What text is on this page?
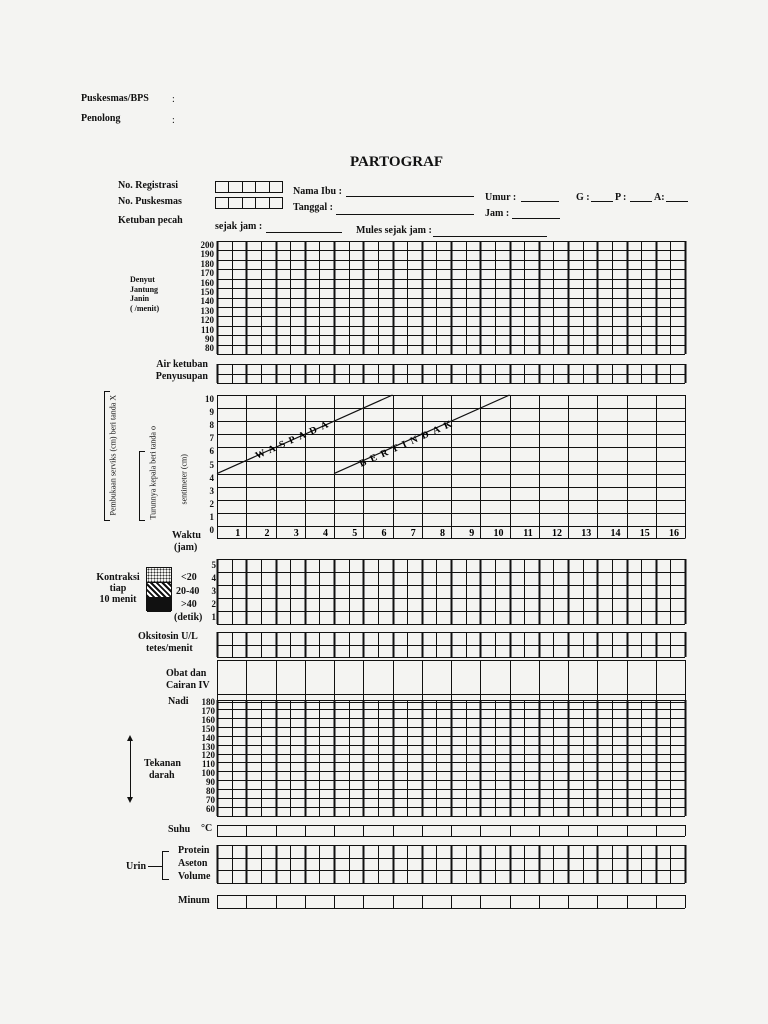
Puskesmas/BPS :
Penolong	:
PARTOGRAF
No. Registrasi
No. Puskesmas
Ketuban pecah
Nama Ibu :
Tanggal :
Umur :
Jam :
G :	P :	A:
sejak jam :	Mules sejak jam :
Denyut
Jantung
Janin
( /menit)
200
190
180
170
160
150
140
130
120
110
90
80
Air ketuban
Penyusupan
Pembukaan serviks (cm) beri tanda X	Turunnya kepala beri tanda o	sentimeter (cm)
10
9
8
7
6
5
4
3
2
1
0 1 2 3 4 5 6 7 8 9 10 11 12 13 14 15 16
WASPADA BERTINDAK
Waktu
(jam)
Kontraksi
tiap
10 menit
<20
20-40
>40
(detik)
5
4
3
2
1
Oksitosin U/L
tetes/menit
Obat dan
Cairan IV
Nadi
Tekanan
darah
180
170
160
150
140
130
120
110
100
90
80
70
60
Suhu °C
Urin
Protein
Aseton
Volume
Minum
